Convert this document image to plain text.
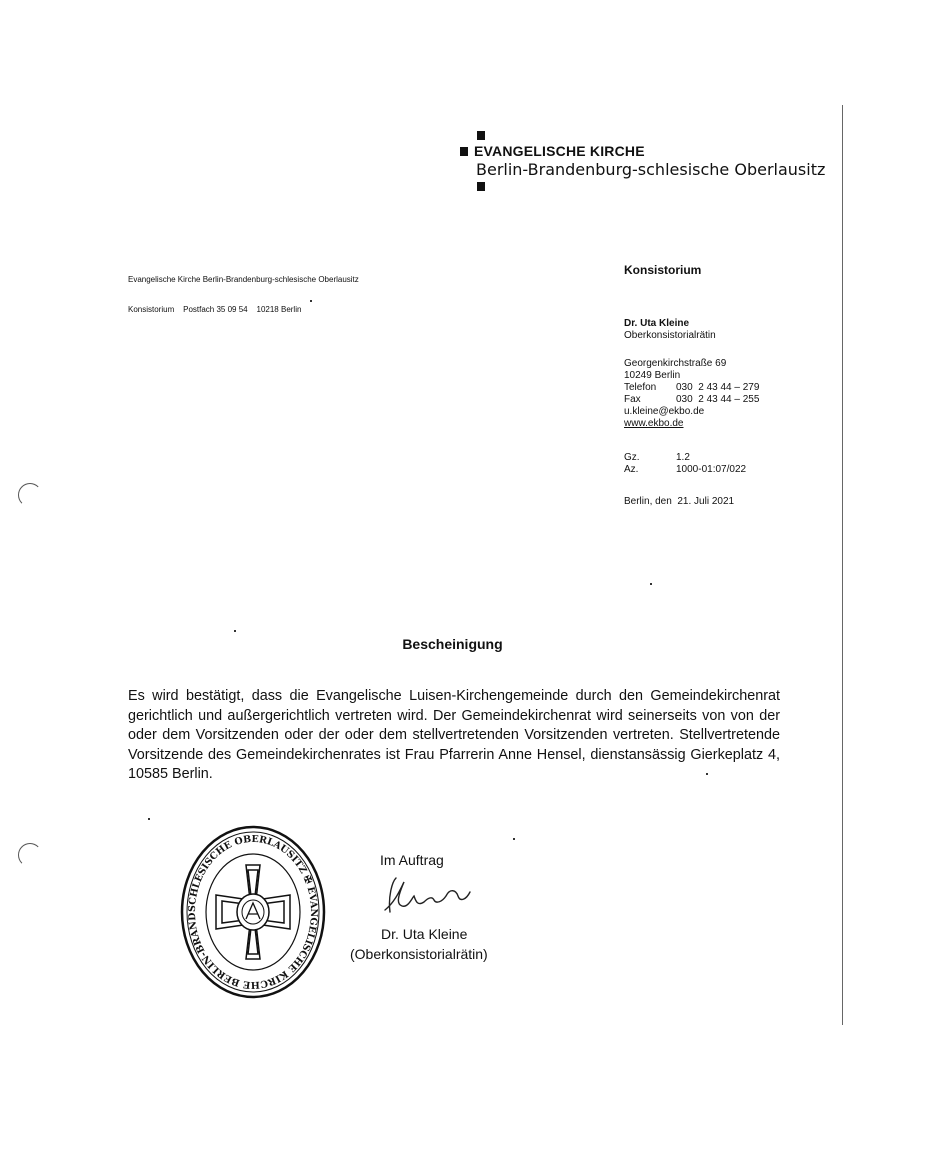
EVANGELISCHE KIRCHE
Berlin-Brandenburg-schlesische Oberlausitz

Evangelische Kirche Berlin-Brandenburg-schlesische Oberlausitz

Konsistorium    Postfach 35 09 54    10218 Berlin

Konsistorium
Dr. Uta Kleine
Oberkonsistorialrätin
Georgenkirchstraße 69
10249 Berlin
Telefon	030  2 43 44 – 279
Fax	030  2 43 44 – 255
u.kleine@ekbo.de
www.ekbo.de
Gz.	1.2
Az.	1000-01:07/022
Berlin, den  21. Juli 2021
Bescheinigung
Es wird bestätigt, dass die Evangelische Luisen-Kirchengemeinde durch den Gemeindekirchenrat gerichtlich und außergerichtlich vertreten wird. Der Gemeindekirchenrat wird seinerseits von von der oder dem Vorsitzenden oder der oder dem stellvertretenden Vorsitzenden vertreten. Stellvertretende Vorsitzende des Gemeindekirchenrates ist Frau Pfarrerin Anne Hensel, dienstansässig Gierkeplatz 4, 10585 Berlin.
SCHLESISCHE OBERLAUSITZ ✠ EVANGELISCHE KIRCHE BERLIN-BRAND
Im Auftrag
Dr. Uta Kleine
(Oberkonsistorialrätin)
